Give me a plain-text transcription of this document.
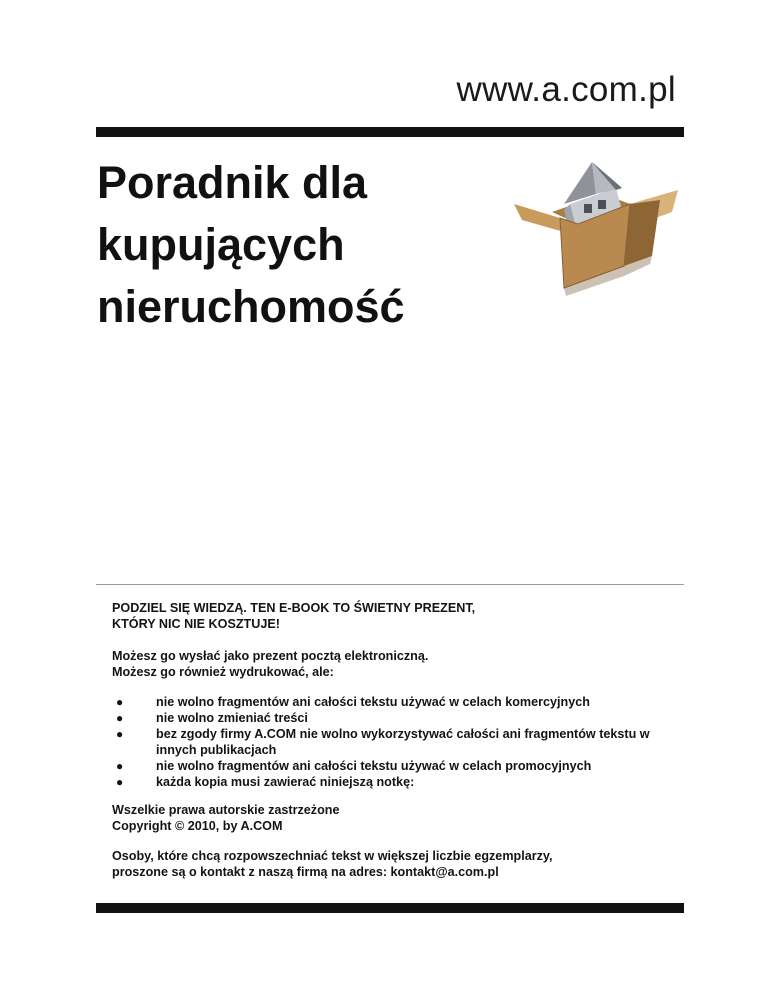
www.a.com.pl
Poradnik dla
kupujących
nieruchomość

PODZIEL SIĘ WIEDZĄ. TEN E-BOOK TO ŚWIETNY PREZENT,
KTÓRY NIC NIE KOSZTUJE!

Możesz go wysłać jako prezent pocztą elektroniczną.
Możesz go również wydrukować, ale:

●	nie wolno fragmentów ani całości tekstu używać w celach komercyjnych
●	nie wolno zmieniać treści
●	bez zgody firmy A.COM nie wolno wykorzystywać całości ani fragmentów tekstu w innych publikacjach
●	nie wolno fragmentów ani całości tekstu używać w celach promocyjnych
●	każda kopia musi zawierać niniejszą notkę:

Wszelkie prawa autorskie zastrzeżone
Copyright © 2010, by A.COM

Osoby, które chcą rozpowszechniać tekst w większej liczbie egzemplarzy,
proszone są o kontakt z naszą firmą na adres: kontakt@a.com.pl
